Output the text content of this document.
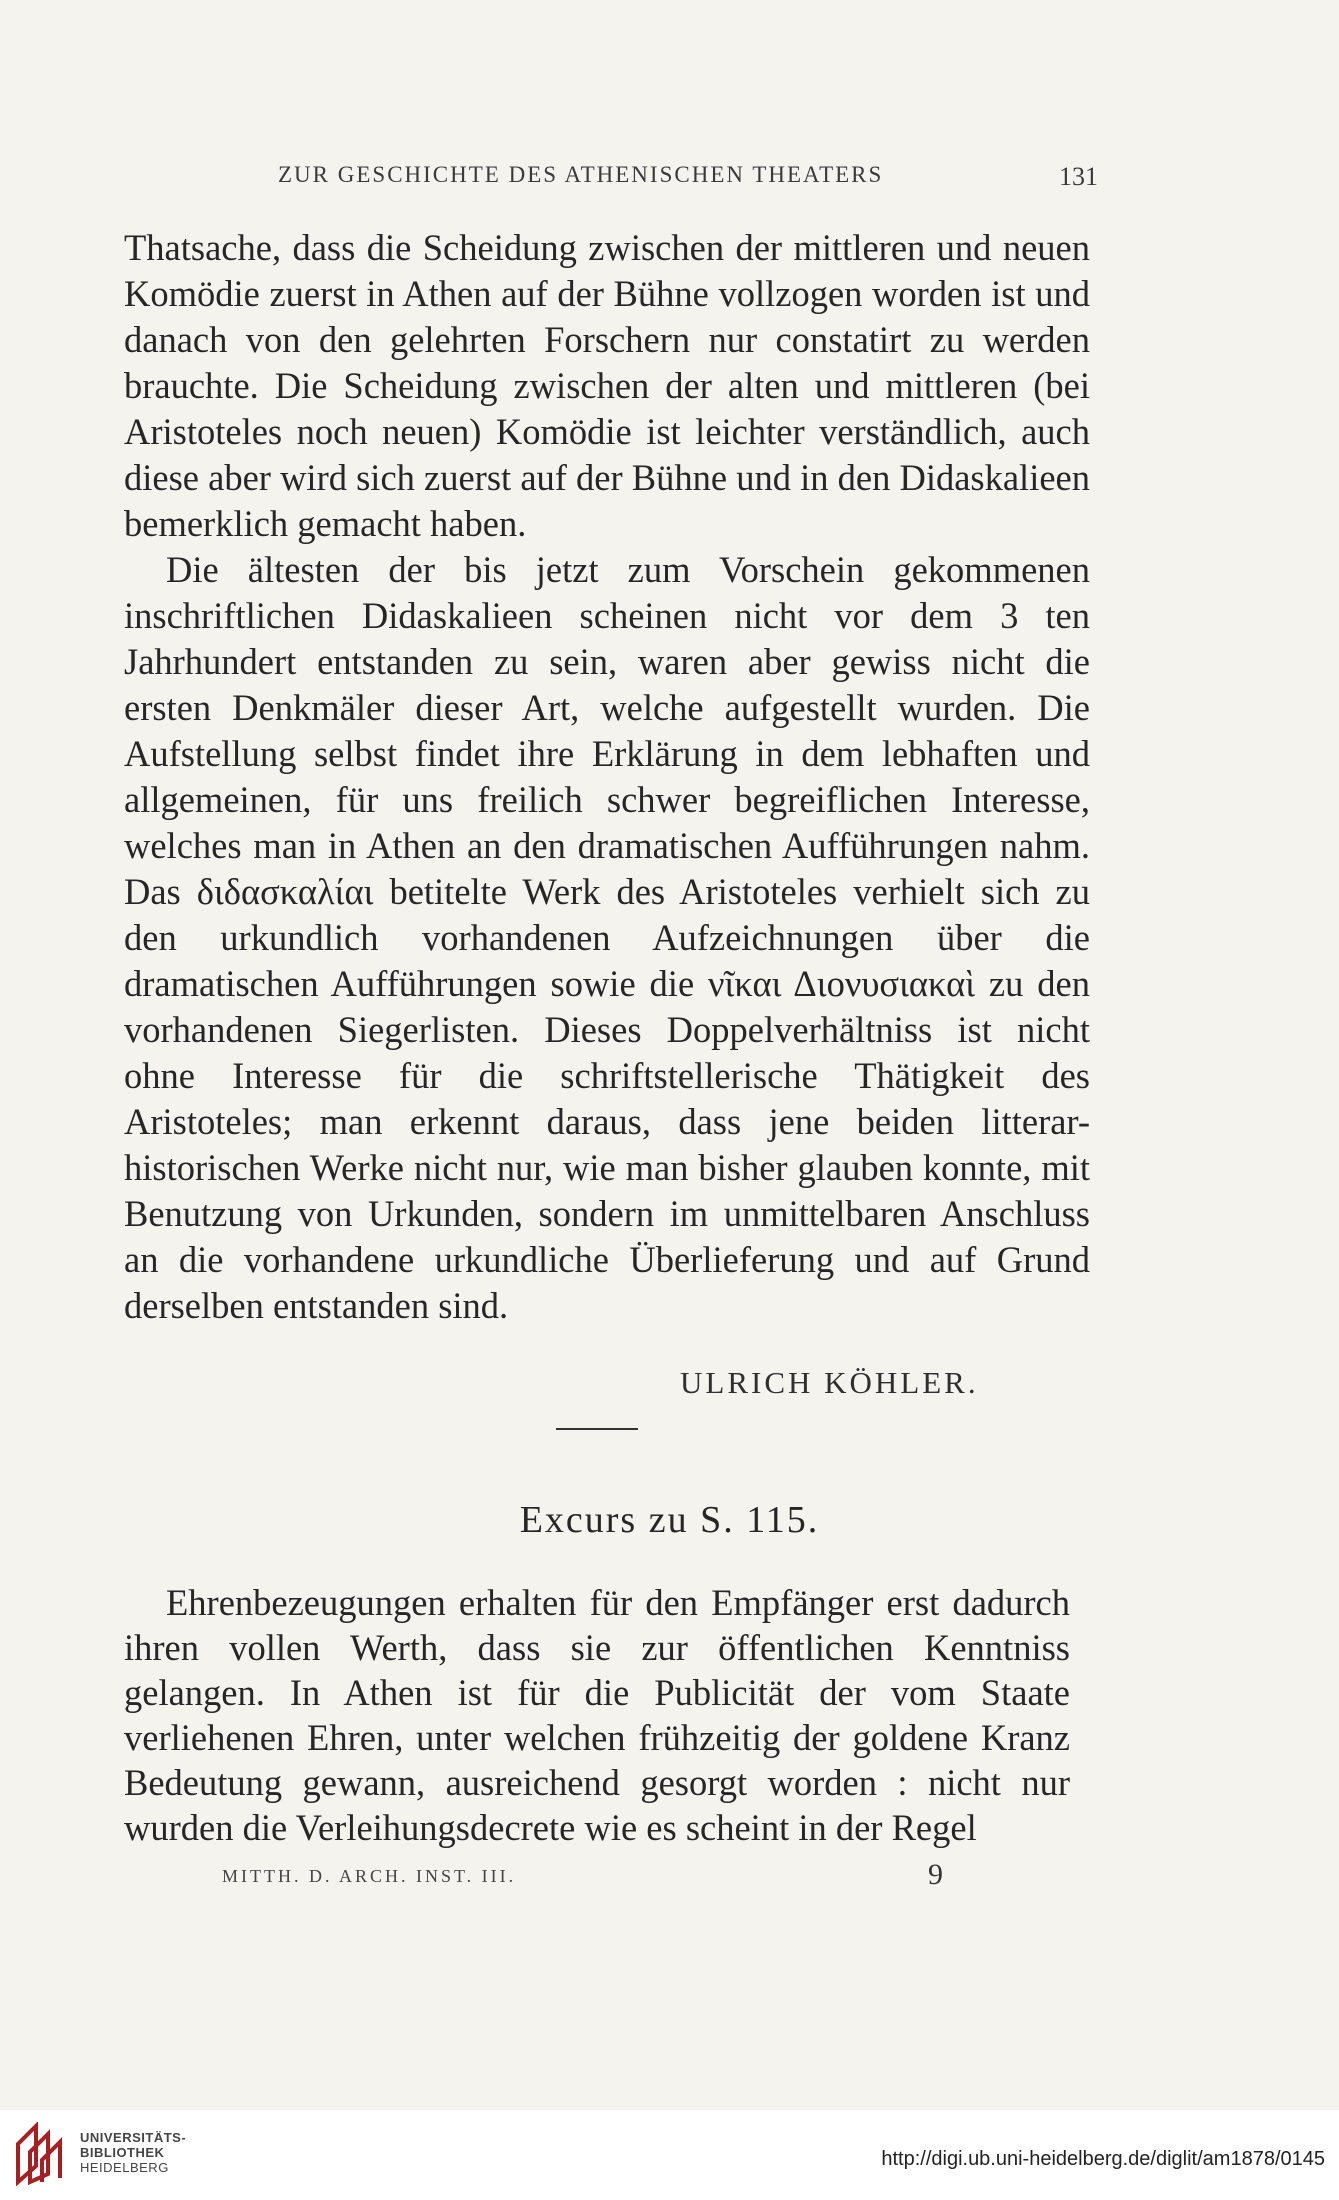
ZUR GESCHICHTE DES ATHENISCHEN THEATERS	131

Thatsache, dass die Scheidung zwischen der mittleren und neuen Komödie zuerst in Athen auf der Bühne vollzogen worden ist und danach von den gelehrten Forschern nur constatirt zu werden brauchte. Die Scheidung zwischen der alten und mittleren (bei Aristoteles noch neuen) Komödie ist leichter verständlich, auch diese aber wird sich zuerst auf der Bühne und in den Didaskalieen bemerklich gemacht haben.

Die ältesten der bis jetzt zum Vorschein gekommenen inschriftlichen Didaskalieen scheinen nicht vor dem 3 ten Jahrhundert entstanden zu sein, waren aber gewiss nicht die ersten Denkmäler dieser Art, welche aufgestellt wurden. Die Aufstellung selbst findet ihre Erklärung in dem lebhaften und allgemeinen, für uns freilich schwer begreiflichen Interesse, welches man in Athen an den dramatischen Aufführungen nahm. Das διδασκαλίαι betitelte Werk des Aristoteles verhielt sich zu den urkundlich vorhandenen Aufzeichnungen über die dramatischen Aufführungen sowie die νῖκαι Διονυσιακαὶ zu den vorhandenen Siegerlisten. Dieses Doppelverhältniss ist nicht ohne Interesse für die schriftstellerische Thätigkeit des Aristoteles; man erkennt daraus, dass jene beiden litterar-historischen Werke nicht nur, wie man bisher glauben konnte, mit Benutzung von Urkunden, sondern im unmittelbaren Anschluss an die vorhandene urkundliche Überlieferung und auf Grund derselben entstanden sind.

ULRICH KÖHLER.
Excurs zu S. 115.

Ehrenbezeugungen erhalten für den Empfänger erst dadurch ihren vollen Werth, dass sie zur öffentlichen Kenntniss gelangen. In Athen ist für die Publicität der vom Staate verliehenen Ehren, unter welchen frühzeitig der goldene Kranz Bedeutung gewann, ausreichend gesorgt worden : nicht nur wurden die Verleihungsdecrete wie es scheint in der Regel

MITTH. D. ARCH. INST. III.	9
UNIVERSITÄTS-
BIBLIOTHEK
HEIDELBERG	http://digi.ub.uni-heidelberg.de/diglit/am1878/0145
